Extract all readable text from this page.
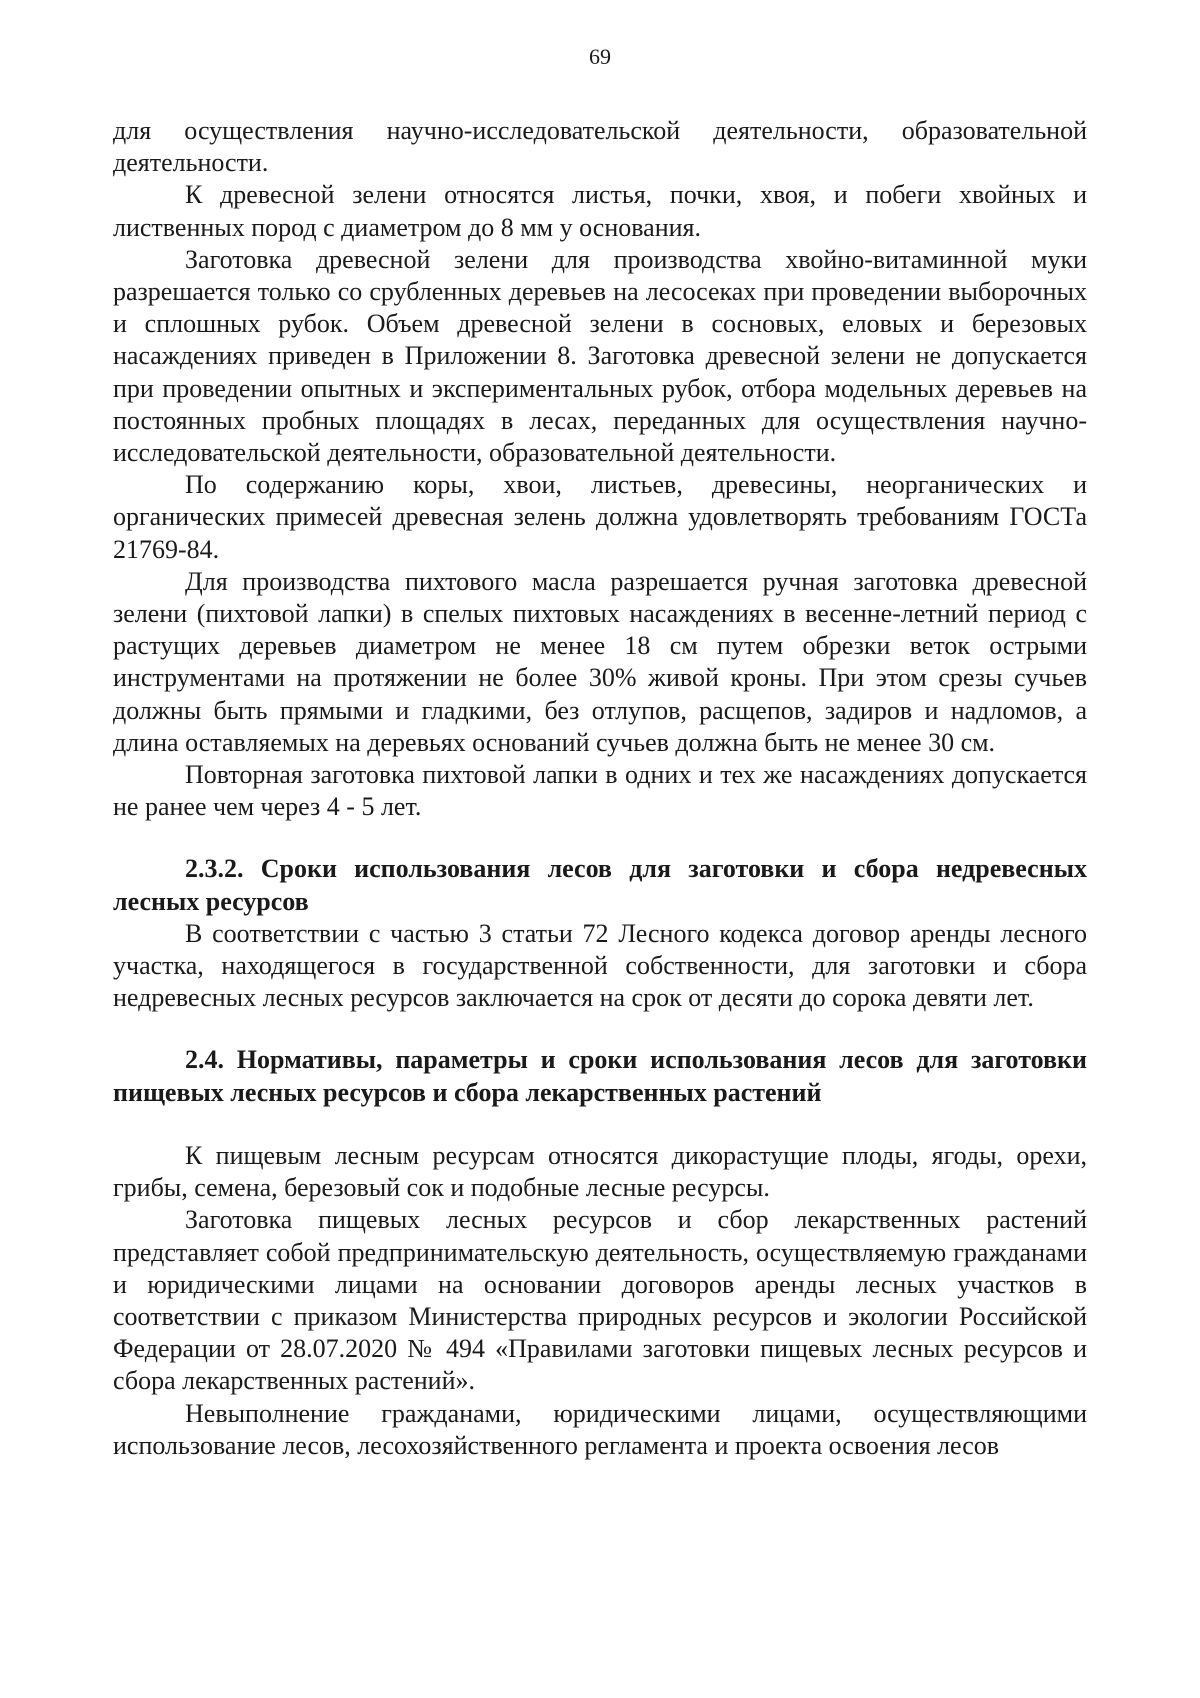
69

для осуществления научно-исследовательской деятельности, образовательной деятельности.

К древесной зелени относятся листья, почки, хвоя, и побеги хвойных и лиственных пород с диаметром до 8 мм у основания.

Заготовка древесной зелени для производства хвойно-витаминной муки разрешается только со срубленных деревьев на лесосеках при проведении выборочных и сплошных рубок. Объем древесной зелени в сосновых, еловых и березовых насаждениях приведен в Приложении 8. Заготовка древесной зелени не допускается при проведении опытных и экспериментальных рубок, отбора модельных деревьев на постоянных пробных площадях в лесах, переданных для осуществления научно-исследовательской деятельности, образовательной деятельности.

По содержанию коры, хвои, листьев, древесины, неорганических и органических примесей древесная зелень должна удовлетворять требованиям ГОСТа 21769-84.

Для производства пихтового масла разрешается ручная заготовка древесной зелени (пихтовой лапки) в спелых пихтовых насаждениях в весенне-летний период с растущих деревьев диаметром не менее 18 см путем обрезки веток острыми инструментами на протяжении не более 30% живой кроны. При этом срезы сучьев должны быть прямыми и гладкими, без отлупов, расщепов, задиров и надломов, а длина оставляемых на деревьях оснований сучьев должна быть не менее 30 см.

Повторная заготовка пихтовой лапки в одних и тех же насаждениях допускается не ранее чем через 4 - 5 лет.

2.3.2. Сроки использования лесов для заготовки и сбора недревесных лесных ресурсов

В соответствии с частью 3 статьи 72 Лесного кодекса договор аренды лесного участка, находящегося в государственной собственности, для заготовки и сбора недревесных лесных ресурсов заключается на срок от десяти до сорока девяти лет.

2.4. Нормативы, параметры и сроки использования лесов для заготовки пищевых лесных ресурсов и сбора лекарственных растений

К пищевым лесным ресурсам относятся дикорастущие плоды, ягоды, орехи, грибы, семена, березовый сок и подобные лесные ресурсы.

Заготовка пищевых лесных ресурсов и сбор лекарственных растений представляет собой предпринимательскую деятельность, осуществляемую гражданами и юридическими лицами на основании договоров аренды лесных участков в соответствии с приказом Министерства природных ресурсов и экологии Российской Федерации от 28.07.2020 № 494 «Правилами заготовки пищевых лесных ресурсов и сбора лекарственных растений».

Невыполнение гражданами, юридическими лицами, осуществляющими использование лесов, лесохозяйственного регламента и проекта освоения лесов
